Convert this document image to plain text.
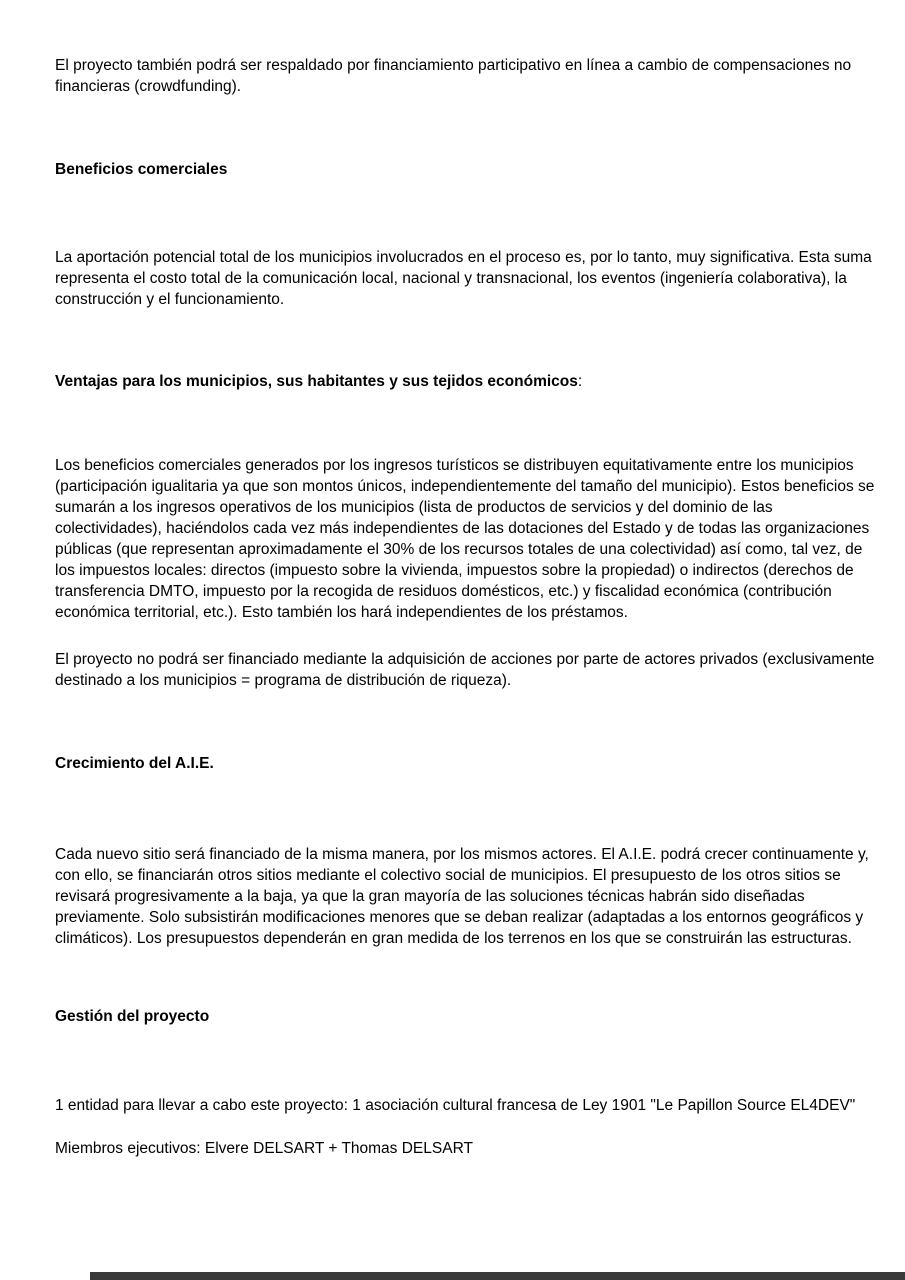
El proyecto también podrá ser respaldado por financiamiento participativo en línea a cambio de compensaciones no
financieras (crowdfunding).
Beneficios comerciales
La aportación potencial total de los municipios involucrados en el proceso es, por lo tanto, muy significativa. Esta suma
representa el costo total de la comunicación local, nacional y transnacional, los eventos (ingeniería colaborativa), la
construcción y el funcionamiento.
Ventajas para los municipios, sus habitantes y sus tejidos económicos:
Los beneficios comerciales generados por los ingresos turísticos se distribuyen equitativamente entre los municipios
(participación igualitaria ya que son montos únicos, independientemente del tamaño del municipio). Estos beneficios se
sumarán a los ingresos operativos de los municipios (lista de productos de servicios y del dominio de las
colectividades), haciéndolos cada vez más independientes de las dotaciones del Estado y de todas las organizaciones
públicas (que representan aproximadamente el 30% de los recursos totales de una colectividad) así como, tal vez, de
los impuestos locales: directos (impuesto sobre la vivienda, impuestos sobre la propiedad) o indirectos (derechos de
transferencia DMTO, impuesto por la recogida de residuos domésticos, etc.) y fiscalidad económica (contribución
económica territorial, etc.). Esto también los hará independientes de los préstamos.
El proyecto no podrá ser financiado mediante la adquisición de acciones por parte de actores privados (exclusivamente
destinado a los municipios = programa de distribución de riqueza).
Crecimiento del A.I.E.
Cada nuevo sitio será financiado de la misma manera, por los mismos actores. El A.I.E. podrá crecer continuamente y,
con ello, se financiarán otros sitios mediante el colectivo social de municipios. El presupuesto de los otros sitios se
revisará progresivamente a la baja, ya que la gran mayoría de las soluciones técnicas habrán sido diseñadas
previamente. Solo subsistirán modificaciones menores que se deban realizar (adaptadas a los entornos geográficos y
climáticos). Los presupuestos dependerán en gran medida de los terrenos en los que se construirán las estructuras.
Gestión del proyecto
1 entidad para llevar a cabo este proyecto: 1 asociación cultural francesa de Ley 1901 "Le Papillon Source EL4DEV"
Miembros ejecutivos: Elvere DELSART + Thomas DELSART
